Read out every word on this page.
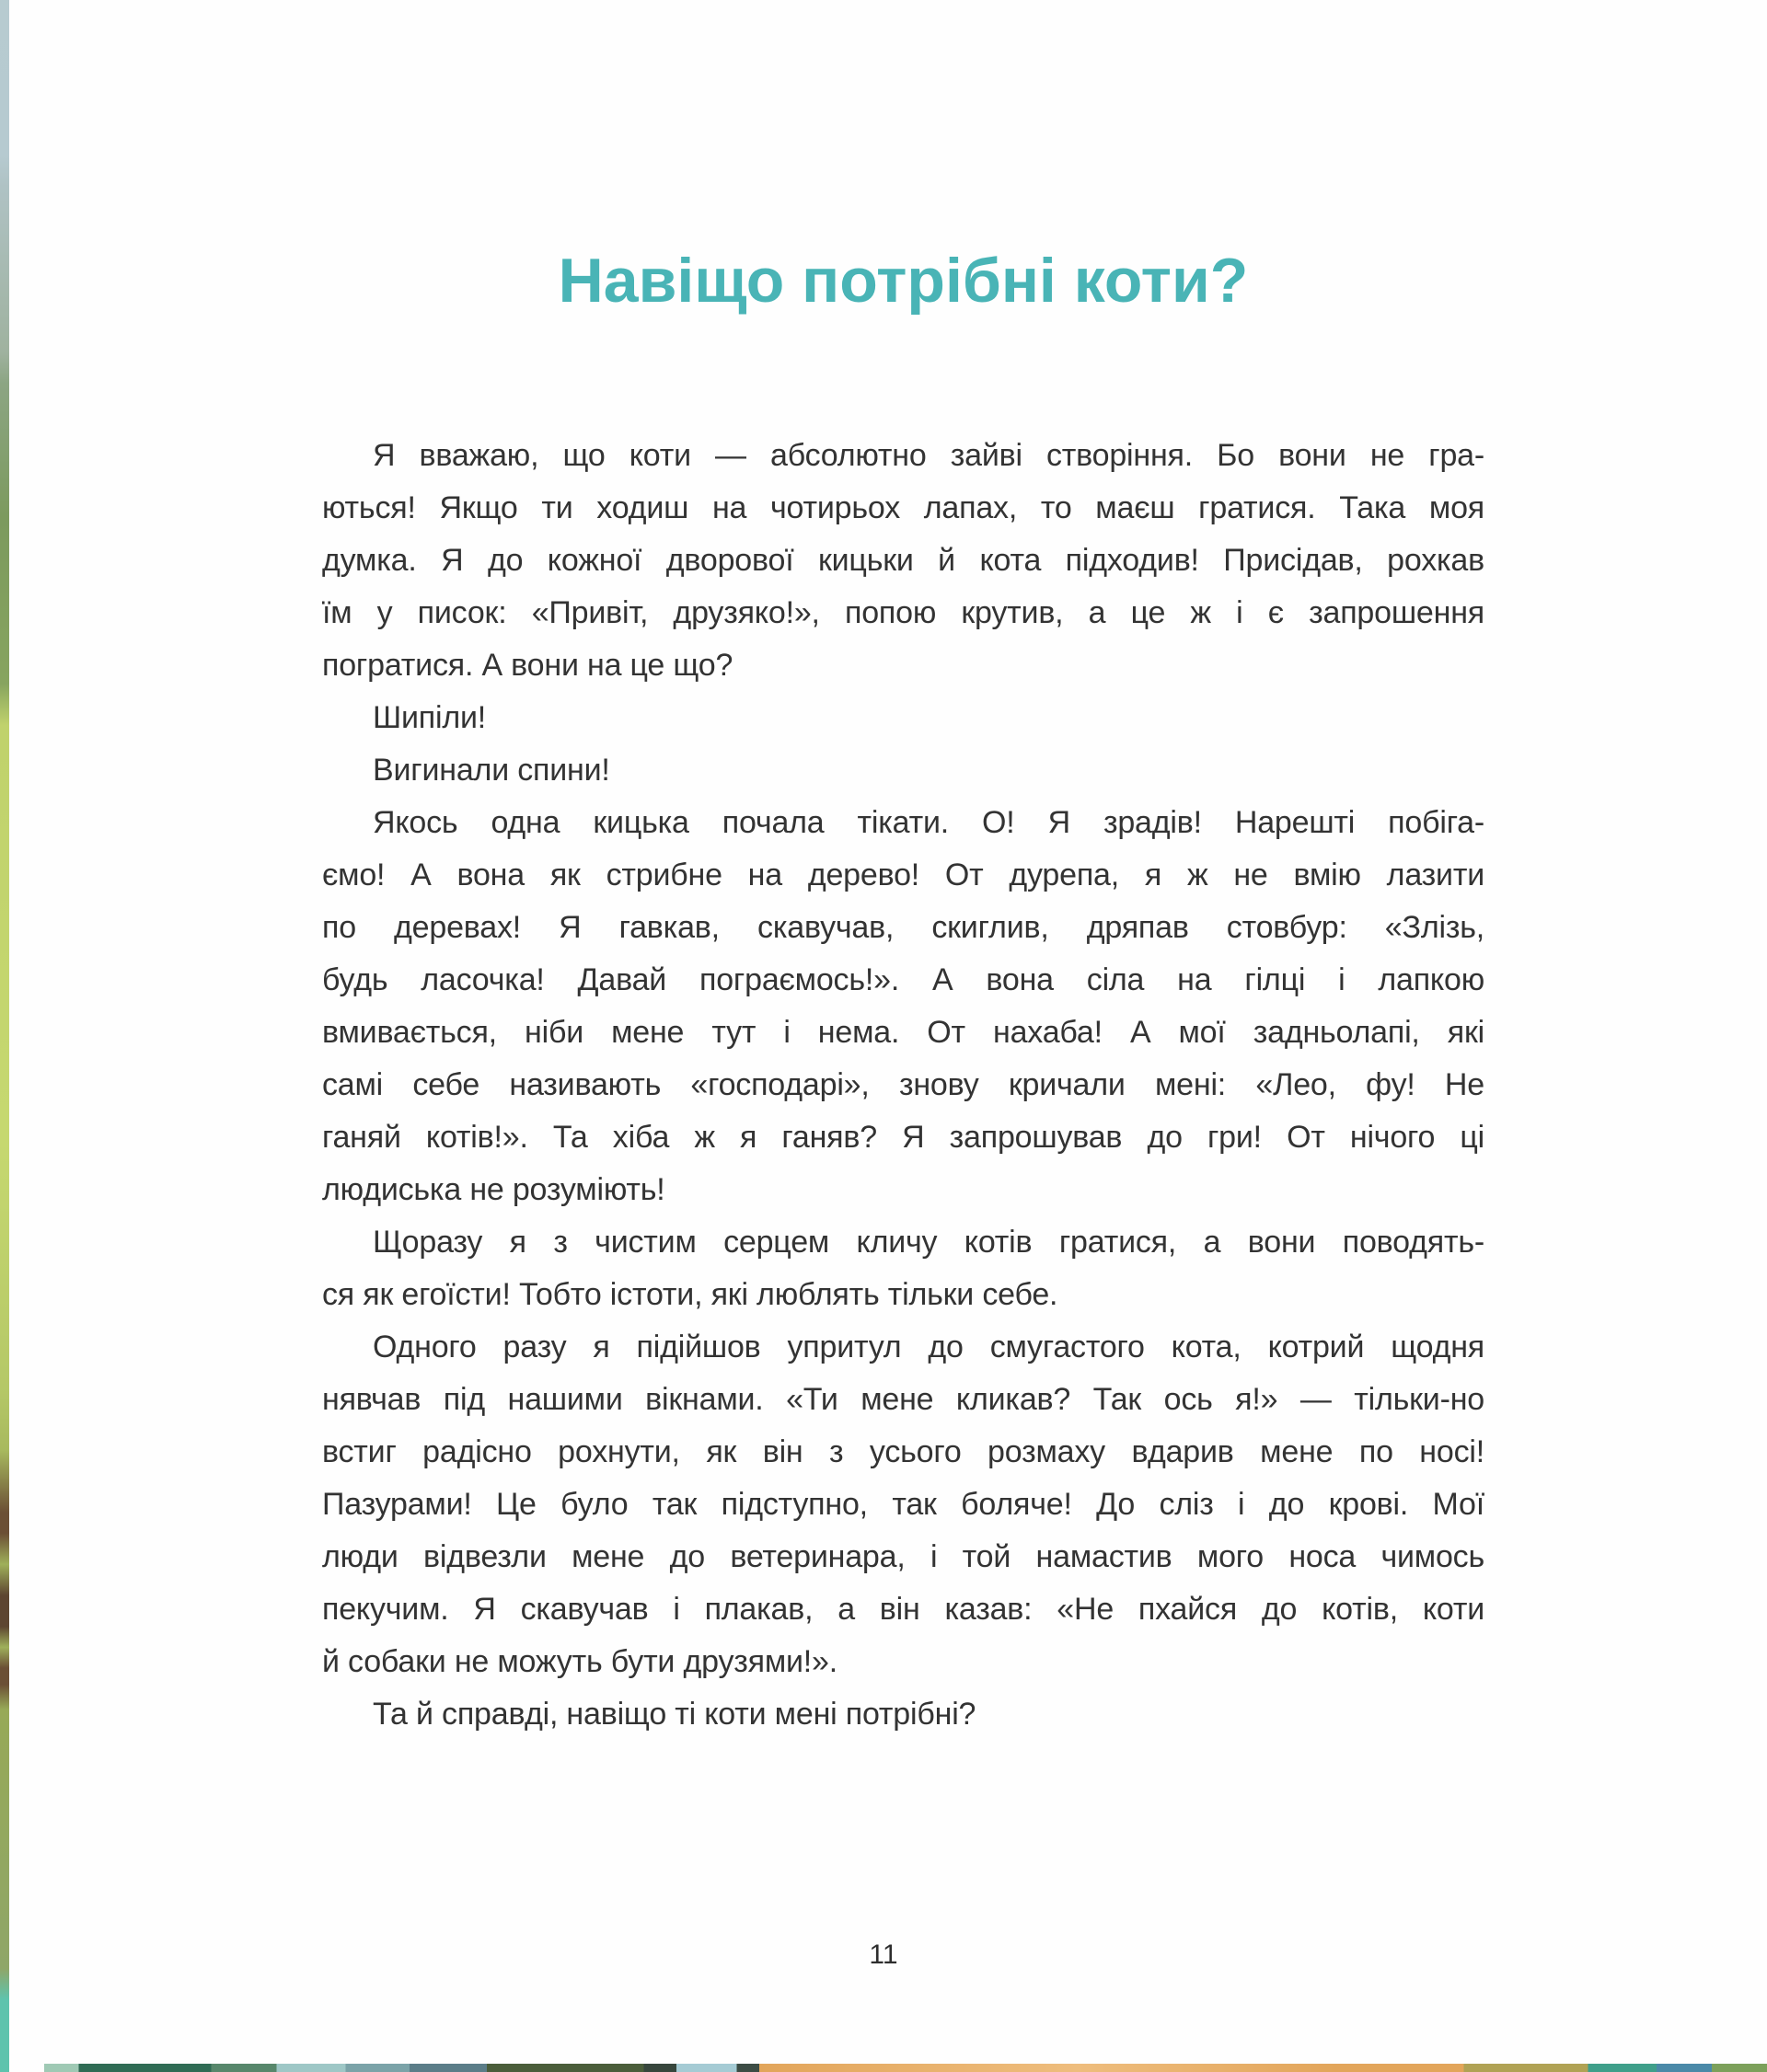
Навіщо потрібні коти?
Я вважаю, що коти — абсолютно зайві створіння. Бо вони не гра-
ються! Якщо ти ходиш на чотирьох лапах, то маєш гратися. Така моя
думка. Я до кожної дворової кицьки й кота підходив! Присідав, рохкав
їм у писок: «Привіт, друзяко!», попою крутив, а це ж і є запрошення
погратися. А вони на це що?
Шипіли!
Вигинали спини!
Якось одна кицька почала тікати. О! Я зрадів! Нарешті побіга-
ємо! А вона як стрибне на дерево! От дурепа, я ж не вмію лазити
по деревах! Я гавкав, скавучав, скиглив, дряпав стовбур: «Злізь,
будь ласочка! Давай пограємось!». А вона сіла на гілці і лапкою
вмивається, ніби мене тут і нема. От нахаба! А мої задньолапі, які
самі себе називають «господарі», знову кричали мені: «Лео, фу! Не
ганяй котів!». Та хіба ж я ганяв? Я запрошував до гри! От нічого ці
людиська не розуміють!
Щоразу я з чистим серцем кличу котів гратися, а вони поводять-
ся як егоїсти! Тобто істоти, які люблять тільки себе.
Одного разу я підійшов упритул до смугастого кота, котрий щодня
нявчав під нашими вікнами. «Ти мене кликав? Так ось я!» — тільки-но
встиг радісно рохнути, як він з усього розмаху вдарив мене по носі!
Пазурами! Це було так підступно, так боляче! До сліз і до крові. Мої
люди відвезли мене до ветеринара, і той намастив мого носа чимось
пекучим. Я скавучав і плакав, а він казав: «Не пхайся до котів, коти
й собаки не можуть бути друзями!».
Та й справді, навіщо ті коти мені потрібні?
11
